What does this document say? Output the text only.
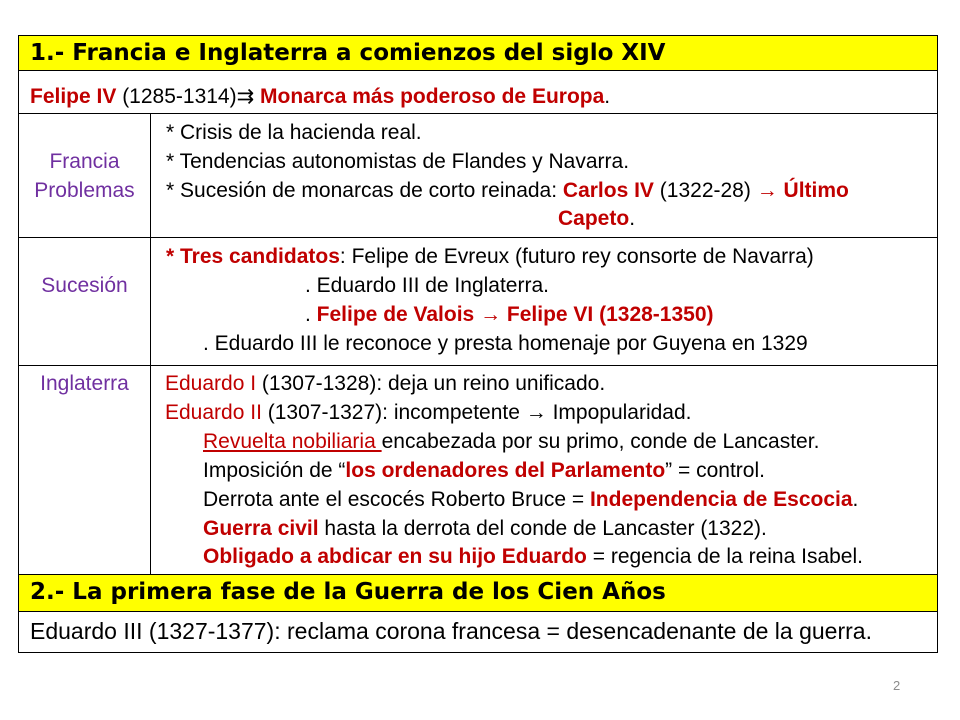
1.- Francia e Inglaterra a comienzos del siglo XIV
Felipe IV (1285-1314)⇉ Monarca más poderoso de Europa.
Francia
Problemas
* Crisis de la hacienda real.
* Tendencias autonomistas de Flandes y Navarra.
* Sucesión de monarcas de corto reinada: Carlos IV (1322-28) → Último
Capeto.
Sucesión
* Tres candidatos: Felipe de Evreux (futuro rey consorte de Navarra)
. Eduardo III de Inglaterra.
. Felipe de Valois → Felipe VI (1328-1350)
. Eduardo III le reconoce y presta homenaje por Guyena en 1329
Inglaterra	Eduardo I (1307-1328): deja un reino unificado.
Eduardo II (1307-1327): incompetente → Impopularidad.
Revuelta nobiliaria encabezada por su primo, conde de Lancaster.
Imposición de “los ordenadores del Parlamento” = control.
Derrota ante el escocés Roberto Bruce = Independencia de Escocia.
Guerra civil hasta la derrota del conde de Lancaster (1322).
Obligado a abdicar en su hijo Eduardo = regencia de la reina Isabel.
2.- La primera fase de la Guerra de los Cien Años
Eduardo III (1327-1377): reclama corona francesa = desencadenante de la guerra.
2
